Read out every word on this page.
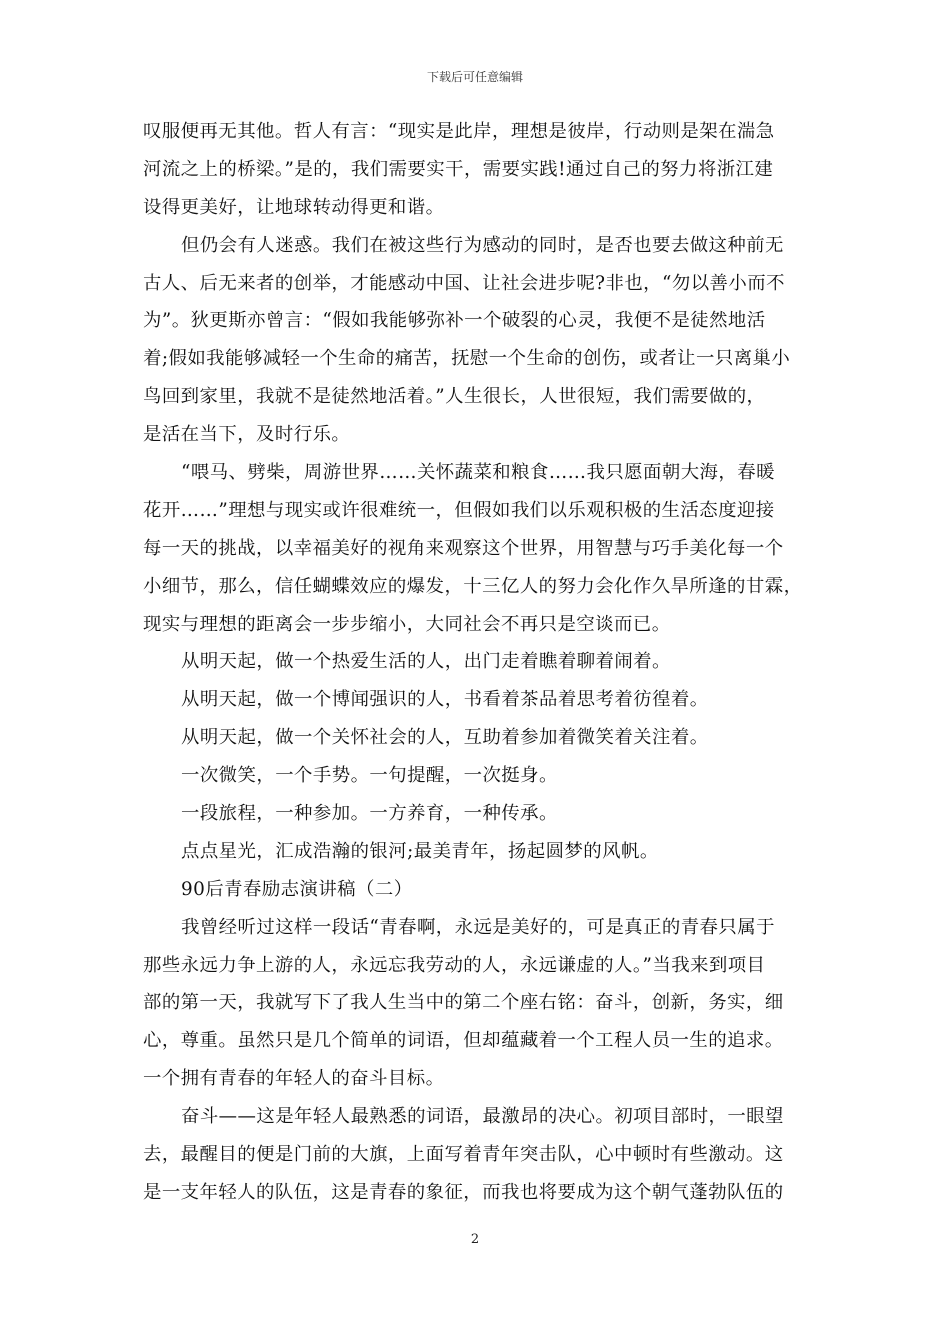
下载后可任意编辑
叹服便再无其他。哲人有言：“现实是此岸，理想是彼岸，行动则是架在湍急
河流之上的桥梁。”是的，我们需要实干，需要实践!通过自己的努力将浙江建
设得更美好，让地球转动得更和谐。
但仍会有人迷惑。我们在被这些行为感动的同时，是否也要去做这种前无
古人、后无来者的创举，才能感动中国、让社会进步呢?非也，“勿以善小而不
为”。狄更斯亦曾言：“假如我能够弥补一个破裂的心灵，我便不是徒然地活
着;假如我能够减轻一个生命的痛苦，抚慰一个生命的创伤，或者让一只离巢小
鸟回到家里，我就不是徒然地活着。”人生很长，人世很短，我们需要做的，
是活在当下，及时行乐。
“喂马、劈柴，周游世界……关怀蔬菜和粮食……我只愿面朝大海，春暖
花开……”理想与现实或许很难统一，但假如我们以乐观积极的生活态度迎接
每一天的挑战，以幸福美好的视角来观察这个世界，用智慧与巧手美化每一个
小细节，那么，信任蝴蝶效应的爆发，十三亿人的努力会化作久旱所逢的甘霖，
现实与理想的距离会一步步缩小，大同社会不再只是空谈而已。
从明天起，做一个热爱生活的人，出门走着瞧着聊着闹着。
从明天起，做一个博闻强识的人，书看着茶品着思考着彷徨着。
从明天起，做一个关怀社会的人，互助着参加着微笑着关注着。
一次微笑，一个手势。一句提醒，一次挺身。
一段旅程，一种参加。一方养育，一种传承。
点点星光，汇成浩瀚的银河;最美青年，扬起圆梦的风帆。
90后青春励志演讲稿（二）
我曾经听过这样一段话“青春啊，永远是美好的，可是真正的青春只属于
那些永远力争上游的人，永远忘我劳动的人，永远谦虚的人。”当我来到项目
部的第一天，我就写下了我人生当中的第二个座右铭：奋斗，创新，务实，细
心，尊重。虽然只是几个简单的词语，但却蕴藏着一个工程人员一生的追求。
一个拥有青春的年轻人的奋斗目标。
奋斗——这是年轻人最熟悉的词语，最激昂的决心。初项目部时，一眼望
去，最醒目的便是门前的大旗，上面写着青年突击队，心中顿时有些激动。这
是一支年轻人的队伍，这是青春的象征，而我也将要成为这个朝气蓬勃队伍的
2
